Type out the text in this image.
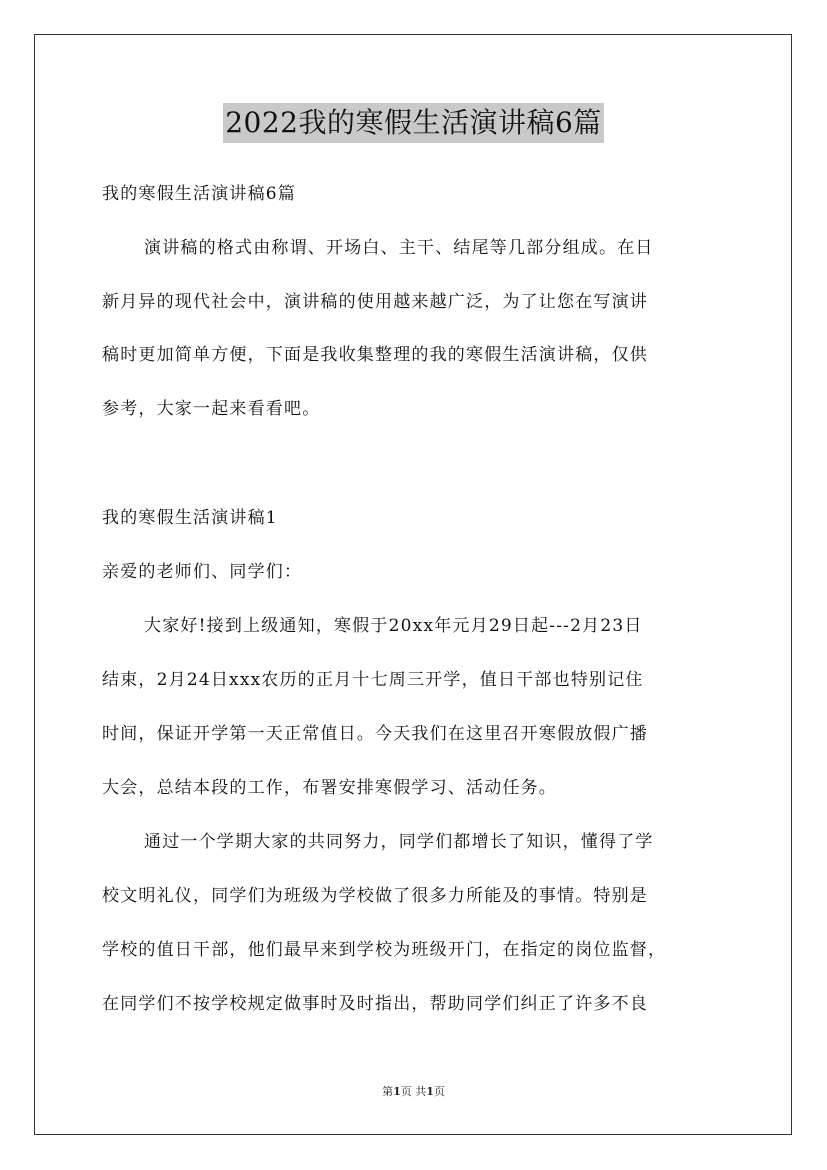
2022我的寒假生活演讲稿6篇
我的寒假生活演讲稿6篇
演讲稿的格式由称谓、开场白、主干、结尾等几部分组成。在日
新月异的现代社会中，演讲稿的使用越来越广泛，为了让您在写演讲
稿时更加简单方便，下面是我收集整理的我的寒假生活演讲稿，仅供
参考，大家一起来看看吧。
我的寒假生活演讲稿1
亲爱的老师们、同学们：
大家好!接到上级通知，寒假于20xx年元月29日起---2月23日
结束，2月24日xxx农历的正月十七周三开学，值日干部也特别记住
时间，保证开学第一天正常值日。今天我们在这里召开寒假放假广播
大会，总结本段的工作，布署安排寒假学习、活动任务。
通过一个学期大家的共同努力，同学们都增长了知识，懂得了学
校文明礼仪，同学们为班级为学校做了很多力所能及的事情。特别是
学校的值日干部，他们最早来到学校为班级开门，在指定的岗位监督，
在同学们不按学校规定做事时及时指出，帮助同学们纠正了许多不良
第1页 共1页
